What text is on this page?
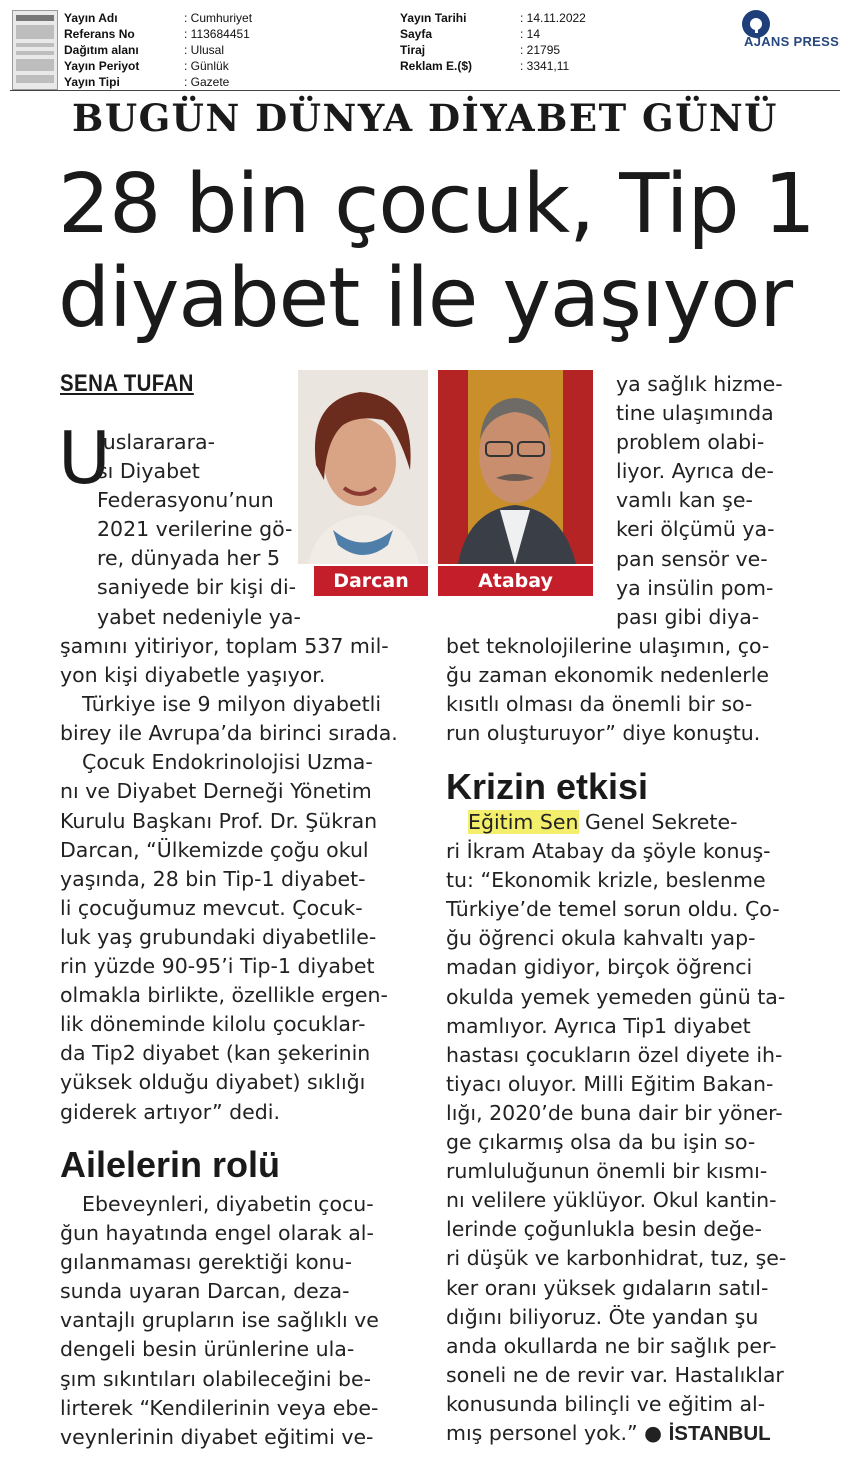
Yayın Adı	: Cumhuriyet
Referans No	: 113684451
Dağıtım alanı	: Ulusal
Yayın Periyot	: Günlük
Yayın Tipi	: Gazete
Yayın Tarihi	: 14.11.2022
Sayfa	: 14
Tiraj	: 21795
Reklam E.($)	: 3341,11
AJANS PRESS
BUGÜN DÜNYA DİYABET GÜNÜ
28 bin çocuk, Tip 1
diyabet ile yaşıyor
SENA TUFAN
U

luslararara-

sı Diyabet

Federasyonu’nun

2021 verilerine gö-

re, dünyada her 5

saniyede bir kişi di-

yabet nedeniyle ya-

şamını yitiriyor, toplam 537 mil-

yon kişi diyabetle yaşıyor.

Türkiye ise 9 milyon diyabetli

birey ile Avrupa’da birinci sırada.

Çocuk Endokrinolojisi Uzma-

nı ve Diyabet Derneği Yönetim

Kurulu Başkanı Prof. Dr. Şükran

Darcan, “Ülkemizde çoğu okul

yaşında, 28 bin Tip-1 diyabet-

li çocuğumuz mevcut. Çocuk-

luk yaş grubundaki diyabetlile-

rin yüzde 90-95’i Tip-1 diyabet

olmakla birlikte, özellikle ergen-

lik döneminde kilolu çocuklar-

da Tip2 diyabet (kan şekerinin

yüksek olduğu diyabet) sıklığı

giderek artıyor” dedi.

Ailelerin rolü

Ebeveynleri, diyabetin çocu-

ğun hayatında engel olarak al-

gılanmaması gerektiği konu-

sunda uyaran Darcan, deza-

vantajlı grupların ise sağlıklı ve

dengeli besin ürünlerine ula-

şım sıkıntıları olabileceğini be-

lirterek “Kendilerinin veya ebe-

veynlerinin diyabet eğitimi ve-

Darcan	Atabay

ya sağlık hizme-

tine ulaşımında

problem olabi-

liyor. Ayrıca de-

vamlı kan şe-

keri ölçümü ya-

pan sensör ve-

ya insülin pom-

pası gibi diya-

bet teknolojilerine ulaşımın, ço-

ğu zaman ekonomik nedenlerle

kısıtlı olması da önemli bir so-

run oluşturuyor” diye konuştu.

Krizin etkisi

Eğitim Sen Genel Sekrete-

ri İkram Atabay da şöyle konuş-

tu: “Ekonomik krizle, beslenme

Türkiye’de temel sorun oldu. Ço-

ğu öğrenci okula kahvaltı yap-

madan gidiyor, birçok öğrenci

okulda yemek yemeden günü ta-

mamlıyor. Ayrıca Tip1 diyabet

hastası çocukların özel diyete ih-

tiyacı oluyor. Milli Eğitim Bakan-

lığı, 2020’de buna dair bir yöner-

ge çıkarmış olsa da bu işin so-

rumluluğunun önemli bir kısmı-

nı velilere yüklüyor. Okul kantin-

lerinde çoğunlukla besin değe-

ri düşük ve karbonhidrat, tuz, şe-

ker oranı yüksek gıdaların satıl-

dığını biliyoruz. Öte yandan şu

anda okullarda ne bir sağlık per-

soneli ne de revir var. Hastalıklar

konusunda bilinçli ve eğitim al-

mış personel yok.” ● İSTANBUL
